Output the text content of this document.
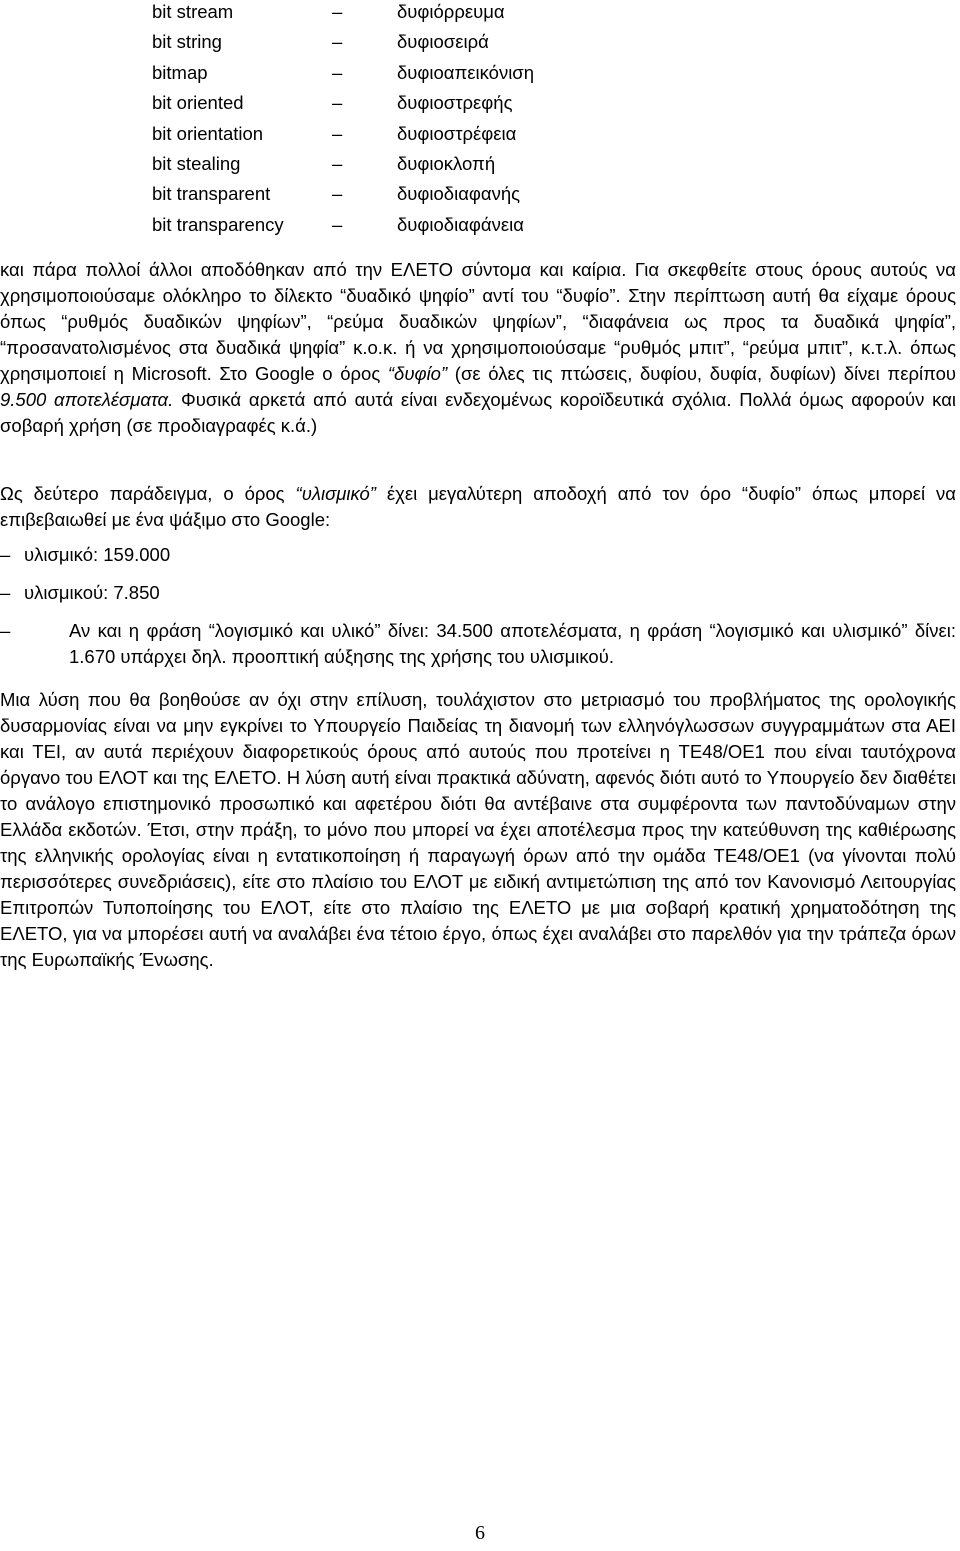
bit stream	–	δυφιόρρευμα
bit string	–	δυφιοσειρά
bitmap	–	δυφιοαπεικόνιση
bit oriented	–	δυφιοστρεφής
bit orientation	–	δυφιοστρέφεια
bit stealing	–	δυφιοκλοπή
bit transparent	–	δυφιοδιαφανής
bit transparency	–	δυφιοδιαφάνεια

και πάρα πολλοί άλλοι αποδόθηκαν από την ΕΛΕΤΟ σύντομα και καίρια. Για σκεφθείτε στους όρους αυτούς να χρησιμοποιούσαμε ολόκληρο το δίλεκτο “δυαδικό ψηφίο” αντί του “δυφίο”. Στην περίπτωση αυτή θα είχαμε όρους όπως “ρυθμός δυαδικών ψηφίων”, “ρεύμα δυαδικών ψηφίων”, “διαφάνεια ως προς τα δυαδικά ψηφία”, “προσανατολισμένος στα δυαδικά ψηφία” κ.ο.κ. ή να χρησιμοποιούσαμε “ρυθμός μπιτ”, “ρεύμα μπιτ”, κ.τ.λ. όπως χρησιμοποιεί η Microsoft. Στο Google ο όρος “δυφίο” (σε όλες τις πτώσεις, δυφίου, δυφία, δυφίων) δίνει περίπου 9.500 αποτελέσματα. Φυσικά αρκετά από αυτά είναι ενδεχομένως κοροϊδευτικά σχόλια. Πολλά όμως αφορούν και σοβαρή χρήση (σε προδιαγραφές κ.ά.)

Ως δεύτερο παράδειγμα, ο όρος “υλισμικό” έχει μεγαλύτερη αποδοχή από τον όρο “δυφίο” όπως μπορεί να επιβεβαιωθεί με ένα ψάξιμο στο Google:

– υλισμικό: 159.000
– υλισμικού: 7.850
–	Αν και η φράση “λογισμικό και υλικό” δίνει: 34.500 αποτελέσματα, η φράση “λογισμικό και υλισμικό” δίνει: 1.670 υπάρχει δηλ. προοπτική αύξησης της χρήσης του υλισμικού.

Μια λύση που θα βοηθούσε αν όχι στην επίλυση, τουλάχιστον στο μετριασμό του προβλήματος της ορολογικής δυσαρμονίας είναι να μην εγκρίνει το Υπουργείο Παιδείας τη διανομή των ελληνόγλωσσων συγγραμμάτων στα ΑΕΙ και ΤΕΙ, αν αυτά περιέχουν διαφορετικούς όρους από αυτούς που προτείνει η ΤΕ48/ΟΕ1 που είναι ταυτόχρονα όργανο του ΕΛΟΤ και της ΕΛΕΤΟ. Η λύση αυτή είναι πρακτικά αδύνατη, αφενός διότι αυτό το Υπουργείο δεν διαθέτει το ανάλογο επιστημονικό προσωπικό και αφετέρου διότι θα αντέβαινε στα συμφέροντα των παντοδύναμων στην Ελλάδα εκδοτών. Έτσι, στην πράξη, το μόνο που μπορεί να έχει αποτέλεσμα προς την κατεύθυνση της καθιέρωσης της ελληνικής ορολογίας είναι η εντατικοποίηση ή παραγωγή όρων από την ομάδα ΤΕ48/ΟΕ1 (να γίνονται πολύ περισσότερες συνεδριάσεις), είτε στο πλαίσιο του ΕΛΟΤ με ειδική αντιμετώπιση της από τον Κανονισμό Λειτουργίας Επιτροπών Τυποποίησης του ΕΛΟΤ, είτε στο πλαίσιο της ΕΛΕΤΟ με μια σοβαρή κρατική χρηματοδότηση της ΕΛΕΤΟ, για να μπορέσει αυτή να αναλάβει ένα τέτοιο έργο, όπως έχει αναλάβει στο παρελθόν για την τράπεζα όρων της Ευρωπαϊκής Ένωσης.

6
